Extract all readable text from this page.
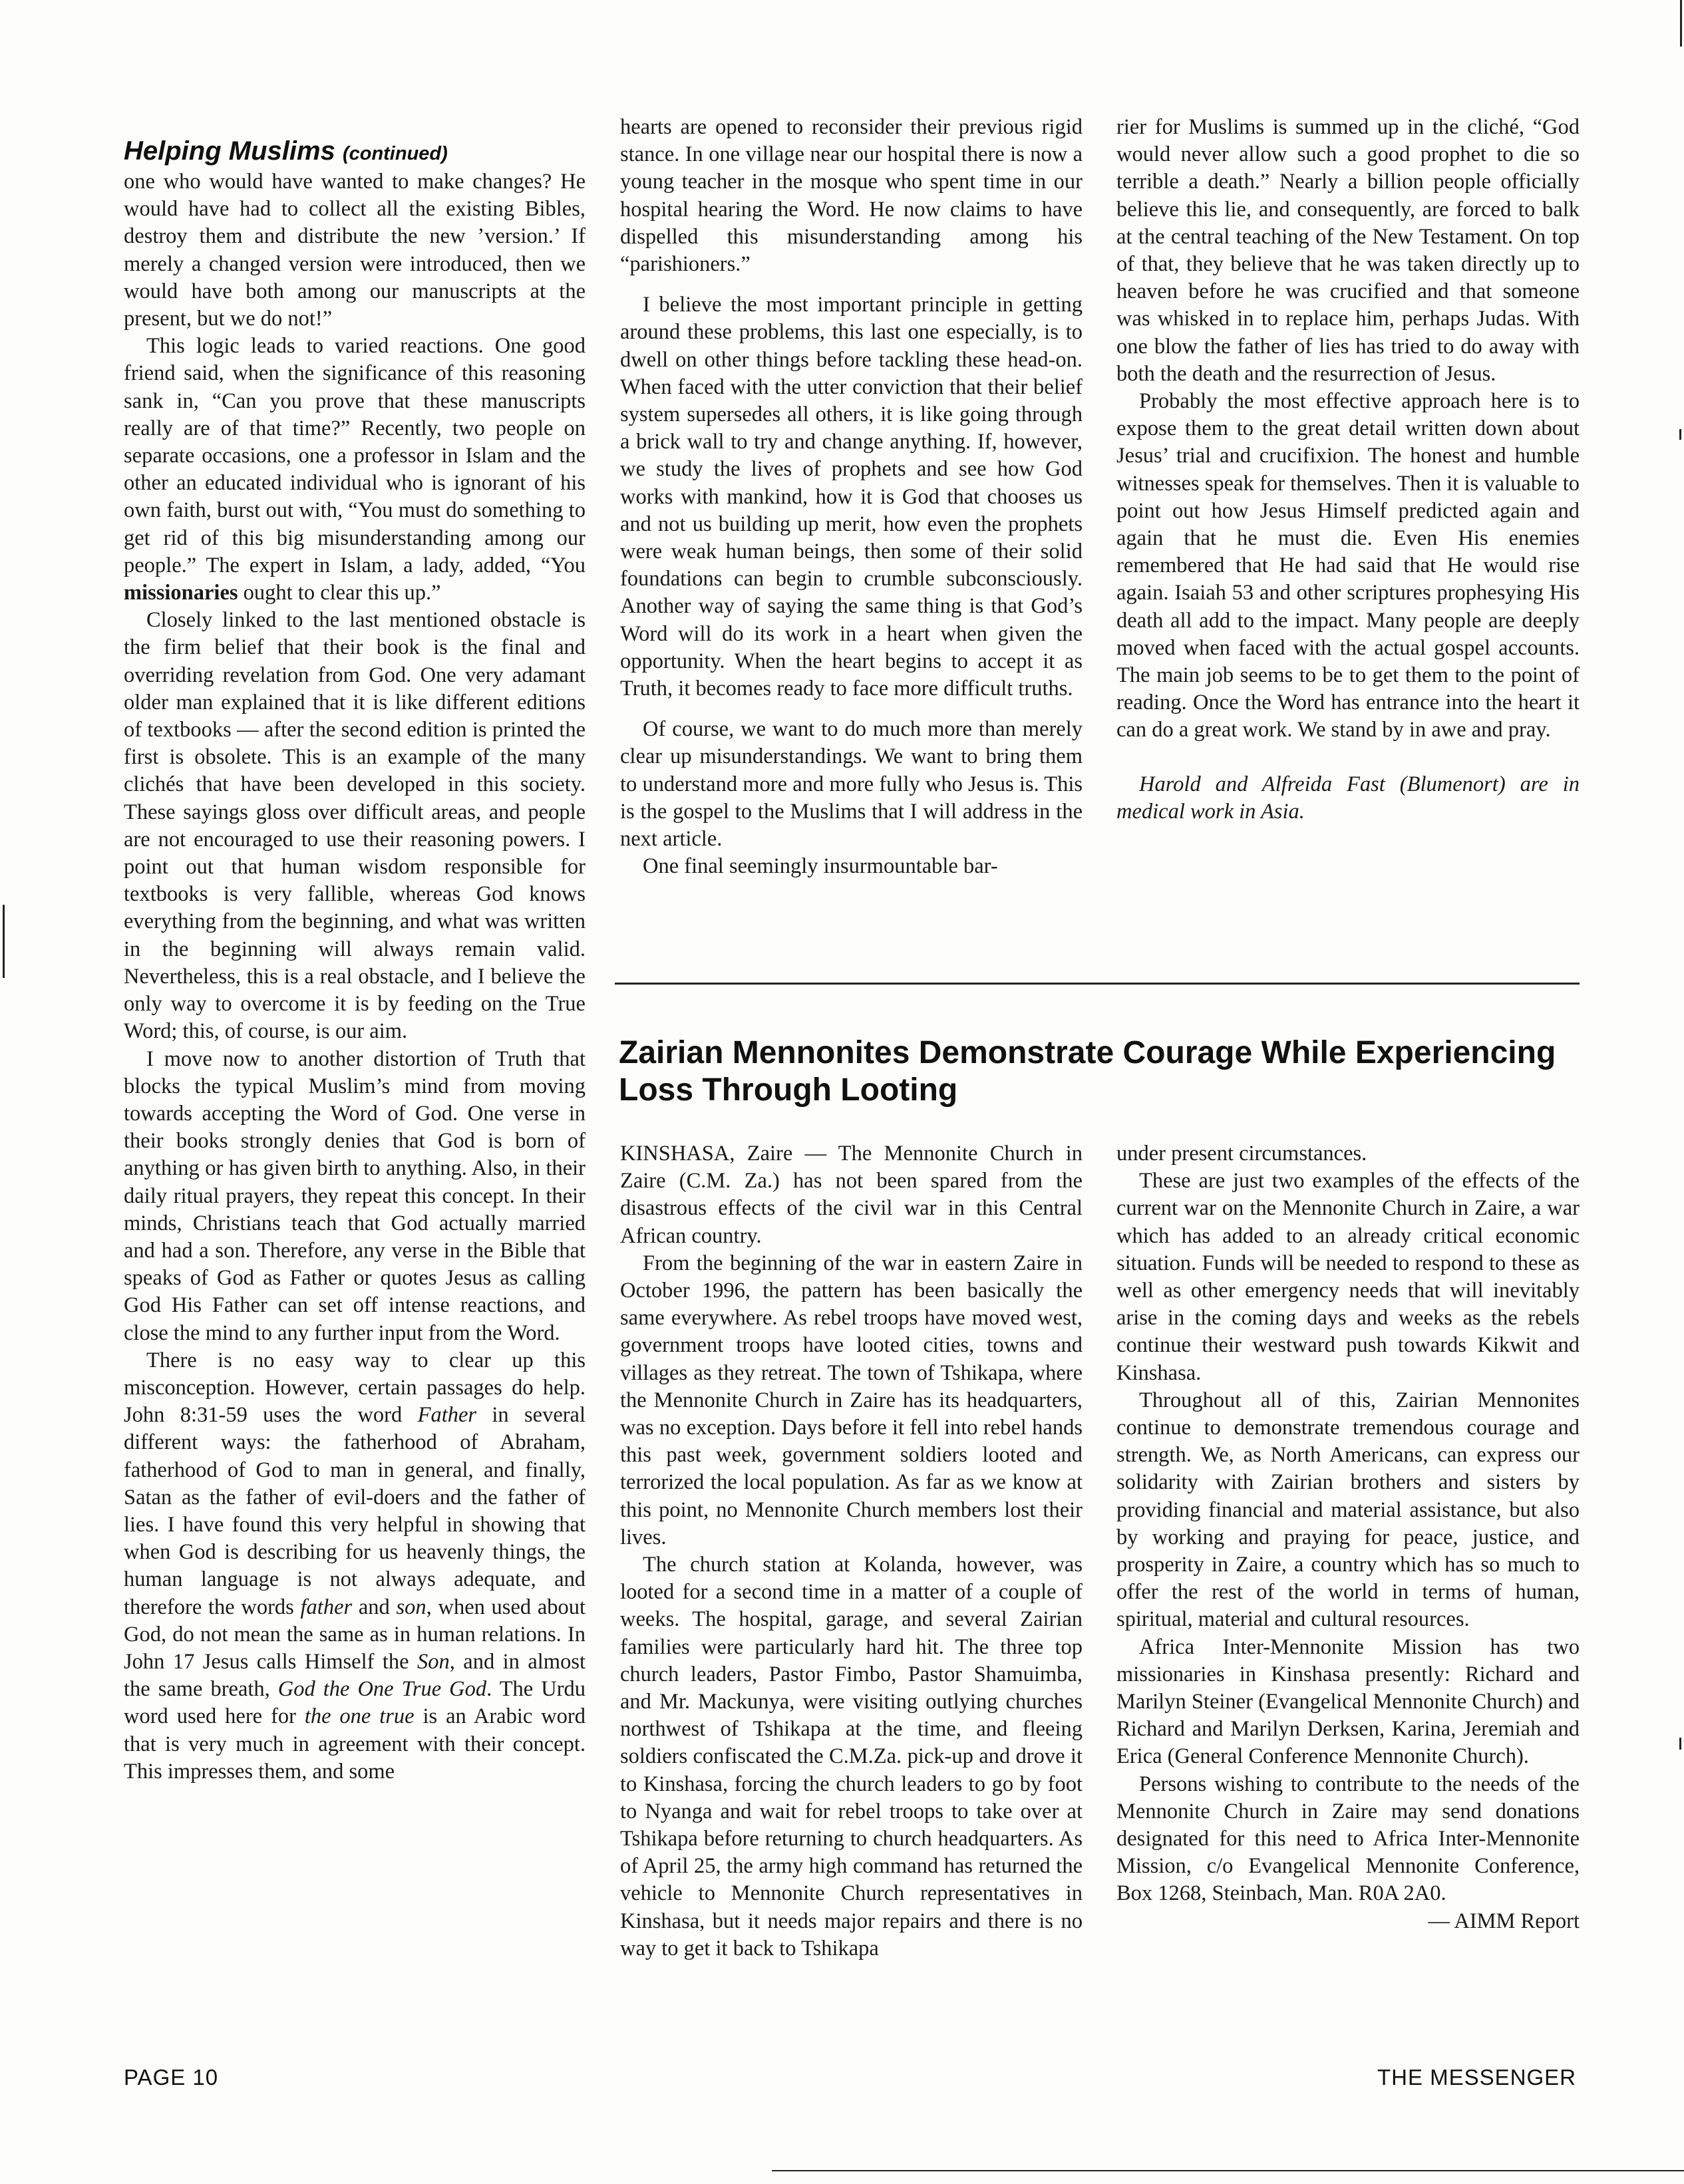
Helping Muslims (continued)

one who would have wanted to make changes? He would have had to collect all the existing Bibles, destroy them and distribute the new ’version.’ If merely a changed version were introduced, then we would have both among our manuscripts at the present, but we do not!”

This logic leads to varied reactions. One good friend said, when the significance of this reasoning sank in, “Can you prove that these manuscripts really are of that time?” Recently, two people on separate occasions, one a professor in Islam and the other an educated individual who is ignorant of his own faith, burst out with, “You must do something to get rid of this big misunderstanding among our people.” The expert in Islam, a lady, added, “You missionaries ought to clear this up.”

Closely linked to the last mentioned obstacle is the firm belief that their book is the final and overriding revelation from God. One very adamant older man explained that it is like different editions of textbooks — after the second edition is printed the first is obsolete. This is an example of the many clichés that have been developed in this society. These sayings gloss over difficult areas, and people are not encouraged to use their reasoning powers. I point out that human wisdom responsible for textbooks is very fallible, whereas God knows everything from the beginning, and what was written in the beginning will always remain valid. Nevertheless, this is a real obstacle, and I believe the only way to overcome it is by feeding on the True Word; this, of course, is our aim.

I move now to another distortion of Truth that blocks the typical Muslim’s mind from moving towards accepting the Word of God. One verse in their books strongly denies that God is born of anything or has given birth to anything. Also, in their daily ritual prayers, they repeat this concept. In their minds, Christians teach that God actually married and had a son. Therefore, any verse in the Bible that speaks of God as Father or quotes Jesus as calling God His Father can set off intense reactions, and close the mind to any further input from the Word.

There is no easy way to clear up this misconception. However, certain passages do help. John 8:31-59 uses the word Father in several different ways: the fatherhood of Abraham, fatherhood of God to man in general, and finally, Satan as the father of evil-doers and the father of lies. I have found this very helpful in showing that when God is describing for us heavenly things, the human language is not always adequate, and therefore the words father and son, when used about God, do not mean the same as in human relations. In John 17 Jesus calls Himself the Son, and in almost the same breath, God the One True God. The Urdu word used here for the one true is an Arabic word that is very much in agreement with their concept. This impresses them, and some

hearts are opened to reconsider their previous rigid stance. In one village near our hospital there is now a young teacher in the mosque who spent time in our hospital hearing the Word. He now claims to have dispelled this misunderstanding among his “parishioners.”

I believe the most important principle in getting around these problems, this last one especially, is to dwell on other things before tackling these head-on. When faced with the utter conviction that their belief system supersedes all others, it is like going through a brick wall to try and change anything. If, however, we study the lives of prophets and see how God works with mankind, how it is God that chooses us and not us building up merit, how even the prophets were weak human beings, then some of their solid foundations can begin to crumble subconsciously. Another way of saying the same thing is that God’s Word will do its work in a heart when given the opportunity. When the heart begins to accept it as Truth, it becomes ready to face more difficult truths.

Of course, we want to do much more than merely clear up misunderstandings. We want to bring them to understand more and more fully who Jesus is. This is the gospel to the Muslims that I will address in the next article.

One final seemingly insurmountable bar-

rier for Muslims is summed up in the cliché, “God would never allow such a good prophet to die so terrible a death.” Nearly a billion people officially believe this lie, and consequently, are forced to balk at the central teaching of the New Testament. On top of that, they believe that he was taken directly up to heaven before he was crucified and that someone was whisked in to replace him, perhaps Judas. With one blow the father of lies has tried to do away with both the death and the resurrection of Jesus.

Probably the most effective approach here is to expose them to the great detail written down about Jesus’ trial and crucifixion. The honest and humble witnesses speak for themselves. Then it is valuable to point out how Jesus Himself predicted again and again that he must die. Even His enemies remembered that He had said that He would rise again. Isaiah 53 and other scriptures prophesying His death all add to the impact. Many people are deeply moved when faced with the actual gospel accounts. The main job seems to be to get them to the point of reading. Once the Word has entrance into the heart it can do a great work. We stand by in awe and pray.

Harold and Alfreida Fast (Blumenort) are in medical work in Asia.

Zairian Mennonites Demonstrate Courage While Experiencing Loss Through Looting

KINSHASA, Zaire — The Mennonite Church in Zaire (C.M. Za.) has not been spared from the disastrous effects of the civil war in this Central African country.

From the beginning of the war in eastern Zaire in October 1996, the pattern has been basically the same everywhere. As rebel troops have moved west, government troops have looted cities, towns and villages as they retreat. The town of Tshikapa, where the Mennonite Church in Zaire has its headquarters, was no exception. Days before it fell into rebel hands this past week, government soldiers looted and terrorized the local population. As far as we know at this point, no Mennonite Church members lost their lives.

The church station at Kolanda, however, was looted for a second time in a matter of a couple of weeks. The hospital, garage, and several Zairian families were particularly hard hit. The three top church leaders, Pastor Fimbo, Pastor Shamuimba, and Mr. Mackunya, were visiting outlying churches northwest of Tshikapa at the time, and fleeing soldiers confiscated the C.M.Za. pick-up and drove it to Kinshasa, forcing the church leaders to go by foot to Nyanga and wait for rebel troops to take over at Tshikapa before returning to church headquarters. As of April 25, the army high command has returned the vehicle to Mennonite Church representatives in Kinshasa, but it needs major repairs and there is no way to get it back to Tshikapa

under present circumstances.

These are just two examples of the effects of the current war on the Mennonite Church in Zaire, a war which has added to an already critical economic situation. Funds will be needed to respond to these as well as other emergency needs that will inevitably arise in the coming days and weeks as the rebels continue their westward push towards Kikwit and Kinshasa.

Throughout all of this, Zairian Mennonites continue to demonstrate tremendous courage and strength. We, as North Americans, can express our solidarity with Zairian brothers and sisters by providing financial and material assistance, but also by working and praying for peace, justice, and prosperity in Zaire, a country which has so much to offer the rest of the world in terms of human, spiritual, material and cultural resources.

Africa Inter-Mennonite Mission has two missionaries in Kinshasa presently: Richard and Marilyn Steiner (Evangelical Mennonite Church) and Richard and Marilyn Derksen, Karina, Jeremiah and Erica (General Conference Mennonite Church).

Persons wishing to contribute to the needs of the Mennonite Church in Zaire may send donations designated for this need to Africa Inter-Mennonite Mission, c/o Evangelical Mennonite Conference, Box 1268, Steinbach, Man. R0A 2A0.

— AIMM Report

PAGE 10	THE MESSENGER
